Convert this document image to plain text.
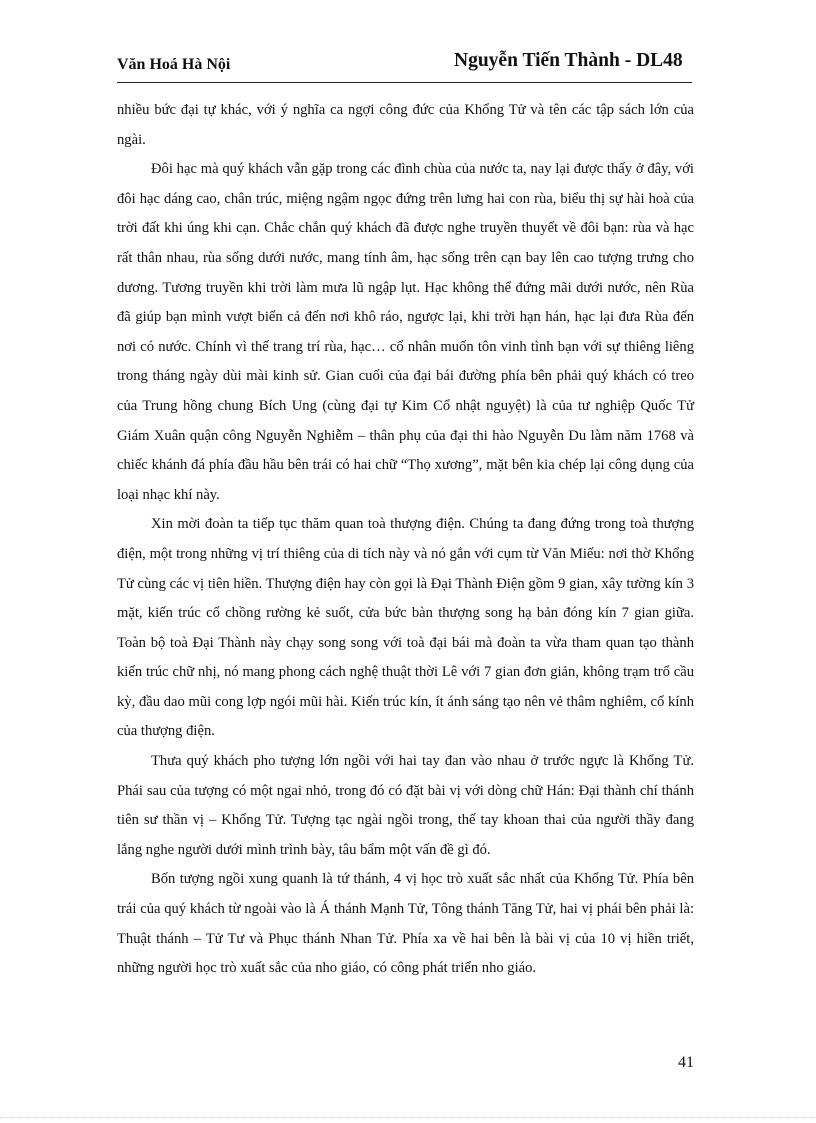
Văn Hoá Hà Nội	Nguyễn Tiến Thành - DL48

nhiều bức đại tự khác, với ý nghĩa ca ngợi công đức của Khổng Tử và tên các tập sách lớn của ngài.

Đôi hạc mà quý khách vẫn gặp trong các đình chùa của nước ta, nay lại được thấy ở đây, với đôi hạc dáng cao, chân trúc, miệng ngậm ngọc đứng trên lưng hai con rùa, biểu thị sự hài hoà của trời đất khi úng khi cạn. Chắc chắn quý khách đã được nghe truyền thuyết về đôi bạn: rùa và hạc rất thân nhau, rùa sống dưới nước, mang tính âm, hạc sống trên cạn bay lên cao tượng trưng cho dương. Tương truyền khi trời làm mưa lũ ngập lụt. Hạc không thể đứng mãi dưới nước, nên Rùa đã giúp bạn mình vượt biển cả đến nơi khô ráo, ngược lại, khi trời hạn hán, hạc lại đưa Rùa đến nơi có nước. Chính vì thế trang trí rùa, hạc… cổ nhân muốn tôn vinh tình bạn với sự thiêng liêng trong tháng ngày dùi mài kinh sử. Gian cuối của đại bái đường phía bên phải quý khách có treo của Trung hồng chung Bích Ung (cùng đại tự Kim Cổ nhật nguyệt) là của tư nghiệp Quốc Tử Giám Xuân quận công Nguyễn Nghiễm – thân phụ của đại thi hào Nguyễn Du làm năm 1768 và chiếc khánh đá phía đầu hầu bên trái có hai chữ “Thọ xương”, mặt bên kia chép lại công dụng của loại nhạc khí này.

Xin mời đoàn ta tiếp tục thăm quan toà thượng điện. Chúng ta đang đứng trong toà thượng điện, một trong những vị trí thiêng của di tích này và nó gắn với cụm từ Văn Miếu: nơi thờ Khổng Tử cùng các vị tiên hiền. Thượng điện hay còn gọi là Đại Thành Điện gồm 9 gian, xây tường kín 3 mặt, kiến trúc cổ chồng rường kẻ suốt, cửa bức bàn thượng song hạ bản đóng kín 7 gian giữa. Toàn bộ toà Đại Thành này chạy song song với toà đại bái mà đoàn ta vừa tham quan tạo thành kiến trúc chữ nhị, nó mang phong cách nghệ thuật thời Lê với 7 gian đơn giản, không trạm trổ cầu kỳ, đầu dao mũi cong lợp ngói mũi hài. Kiến trúc kín, ít ánh sáng tạo nên vẻ thâm nghiêm, cổ kính của thượng điện.

Thưa quý khách pho tượng lớn ngồi với hai tay đan vào nhau ở trước ngực là Khổng Tử. Phái sau của tượng có một ngai nhỏ, trong đó có đặt bài vị với dòng chữ Hán: Đại thành chí thánh tiên sư thần vị – Khổng Tử. Tượng tạc ngài ngồi trong, thế tay khoan thai của người thầy đang lắng nghe người dưới mình trình bày, tâu bẩm một vấn đề gì đó.

Bốn tượng ngồi xung quanh là tứ thánh, 4 vị học trò xuất sắc nhất của Khổng Tử. Phía bên trái của quý khách từ ngoài vào là Á thánh Mạnh Tử, Tông thánh Tăng Tử, hai vị phái bên phải là: Thuật thánh – Tử Tư và Phục thánh Nhan Tử. Phía xa về hai bên là bài vị của 10 vị hiền triết, những người học trò xuất sắc của nho giáo, có công phát triển nho giáo.

41
